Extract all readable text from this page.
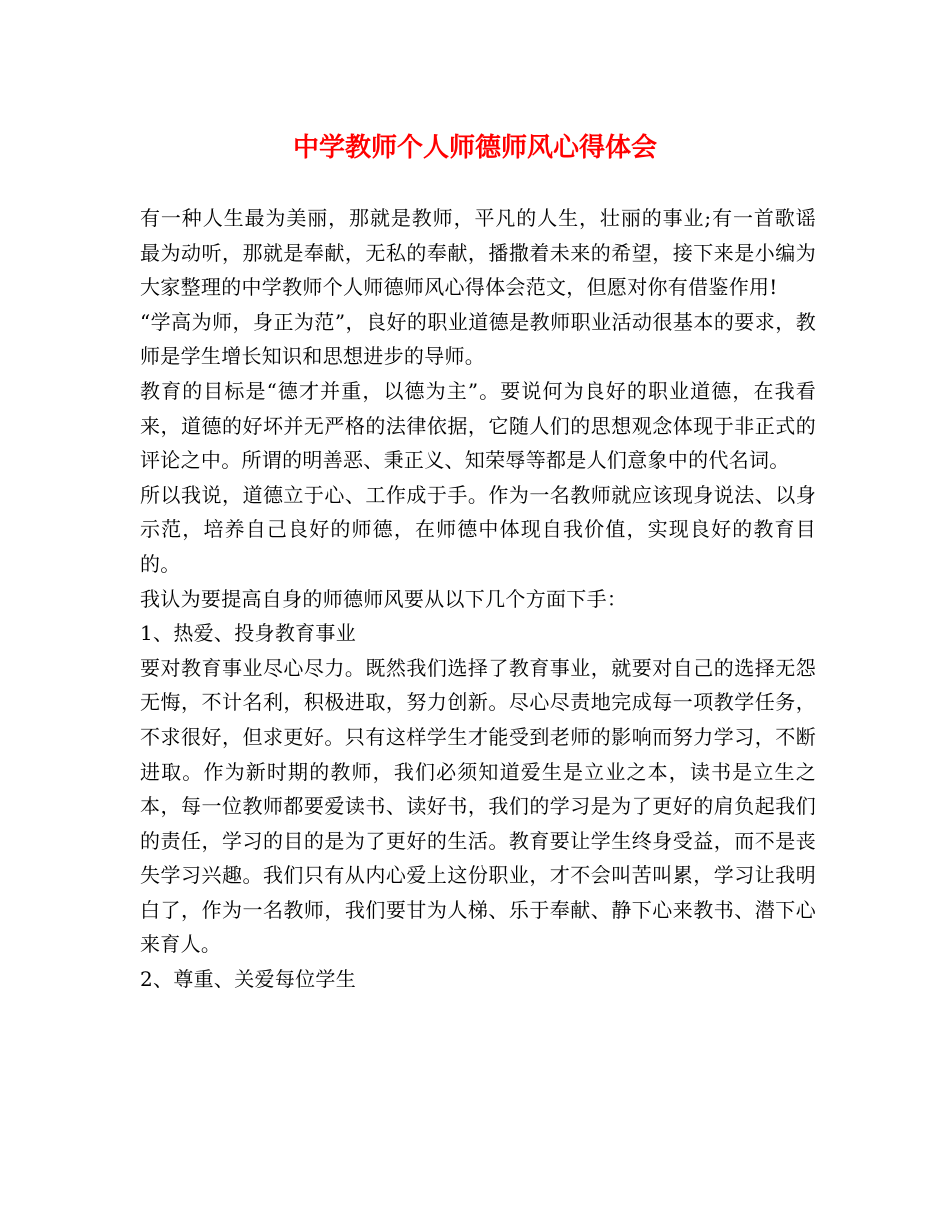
中学教师个人师德师风心得体会

有一种人生最为美丽，那就是教师，平凡的人生，壮丽的事业;有一首歌谣最为动听，那就是奉献，无私的奉献，播撒着未来的希望，接下来是小编为大家整理的中学教师个人师德师风心得体会范文，但愿对你有借鉴作用!

“学高为师，身正为范”，良好的职业道德是教师职业活动很基本的要求，教师是学生增长知识和思想进步的导师。

教育的目标是“德才并重，以德为主”。要说何为良好的职业道德，在我看来，道德的好坏并无严格的法律依据，它随人们的思想观念体现于非正式的评论之中。所谓的明善恶、秉正义、知荣辱等都是人们意象中的代名词。

所以我说，道德立于心、工作成于手。作为一名教师就应该现身说法、以身示范，培养自己良好的师德，在师德中体现自我价值，实现良好的教育目的。

我认为要提高自身的师德师风要从以下几个方面下手：

1、热爱、投身教育事业

要对教育事业尽心尽力。既然我们选择了教育事业，就要对自己的选择无怨无悔，不计名利，积极进取，努力创新。尽心尽责地完成每一项教学任务，不求很好，但求更好。只有这样学生才能受到老师的影响而努力学习，不断进取。作为新时期的教师，我们必须知道爱生是立业之本，读书是立生之本，每一位教师都要爱读书、读好书，我们的学习是为了更好的肩负起我们的责任，学习的目的是为了更好的生活。教育要让学生终身受益，而不是丧失学习兴趣。我们只有从内心爱上这份职业，才不会叫苦叫累，学习让我明白了，作为一名教师，我们要甘为人梯、乐于奉献、静下心来教书、潜下心来育人。

2、尊重、关爱每位学生
